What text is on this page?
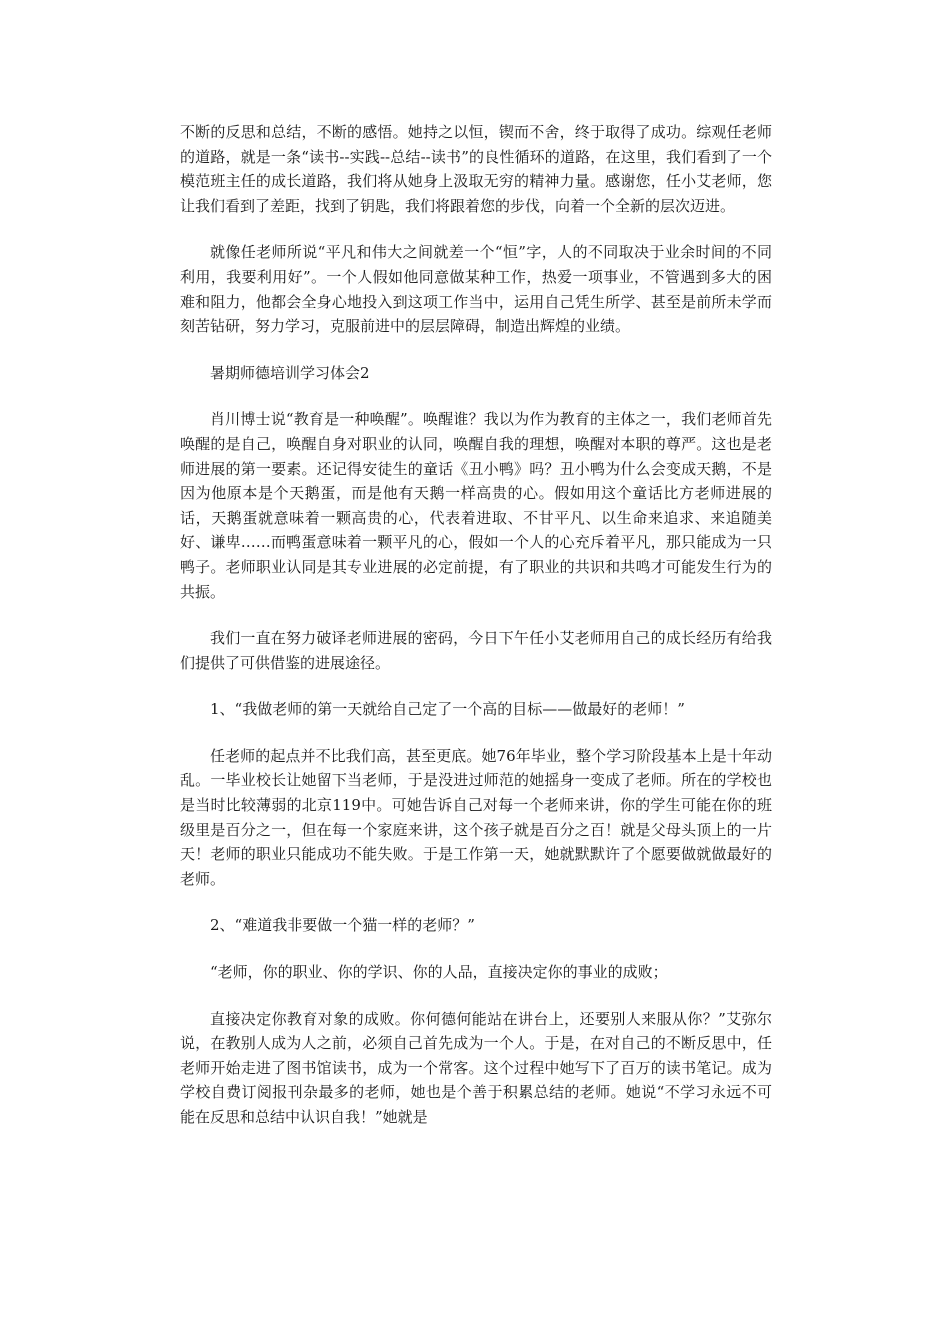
不断的反思和总结，不断的感悟。她持之以恒，锲而不舍，终于取得了成功。综观任老师的道路，就是一条“读书--实践--总结--读书”的良性循环的道路，在这里，我们看到了一个模范班主任的成长道路，我们将从她身上汲取无穷的精神力量。感谢您，任小艾老师，您让我们看到了差距，找到了钥匙，我们将跟着您的步伐，向着一个全新的层次迈进。

就像任老师所说“平凡和伟大之间就差一个“恒”字，人的不同取决于业余时间的不同利用，我要利用好”。一个人假如他同意做某种工作，热爱一项事业，不管遇到多大的困难和阻力，他都会全身心地投入到这项工作当中，运用自己凭生所学、甚至是前所未学而刻苦钻研，努力学习，克服前进中的层层障碍，制造出辉煌的业绩。

暑期师德培训学习体会2

肖川博士说“教育是一种唤醒”。唤醒谁？我以为作为教育的主体之一，我们老师首先唤醒的是自己，唤醒自身对职业的认同，唤醒自我的理想，唤醒对本职的尊严。这也是老师进展的第一要素。还记得安徒生的童话《丑小鸭》吗？丑小鸭为什么会变成天鹅，不是因为他原本是个天鹅蛋，而是他有天鹅一样高贵的心。假如用这个童话比方老师进展的话，天鹅蛋就意味着一颗高贵的心，代表着进取、不甘平凡、以生命来追求、来追随美好、谦卑……而鸭蛋意味着一颗平凡的心，假如一个人的心充斥着平凡，那只能成为一只鸭子。老师职业认同是其专业进展的必定前提，有了职业的共识和共鸣才可能发生行为的共振。

我们一直在努力破译老师进展的密码，今日下午任小艾老师用自己的成长经历有给我们提供了可供借鉴的进展途径。

1、“我做老师的第一天就给自己定了一个高的目标——做最好的老师！”

任老师的起点并不比我们高，甚至更底。她76年毕业，整个学习阶段基本上是十年动乱。一毕业校长让她留下当老师，于是没进过师范的她摇身一变成了老师。所在的学校也是当时比较薄弱的北京119中。可她告诉自己对每一个老师来讲，你的学生可能在你的班级里是百分之一，但在每一个家庭来讲，这个孩子就是百分之百！就是父母头顶上的一片天！老师的职业只能成功不能失败。于是工作第一天，她就默默许了个愿要做就做最好的老师。

2、“难道我非要做一个猫一样的老师？”

“老师，你的职业、你的学识、你的人品，直接决定你的事业的成败；

直接决定你教育对象的成败。你何德何能站在讲台上，还要别人来服从你？”艾弥尔说，在教别人成为人之前，必须自己首先成为一个人。于是，在对自己的不断反思中，任老师开始走进了图书馆读书，成为一个常客。这个过程中她写下了百万的读书笔记。成为学校自费订阅报刊杂最多的老师，她也是个善于积累总结的老师。她说“不学习永远不可能在反思和总结中认识自我！”她就是
